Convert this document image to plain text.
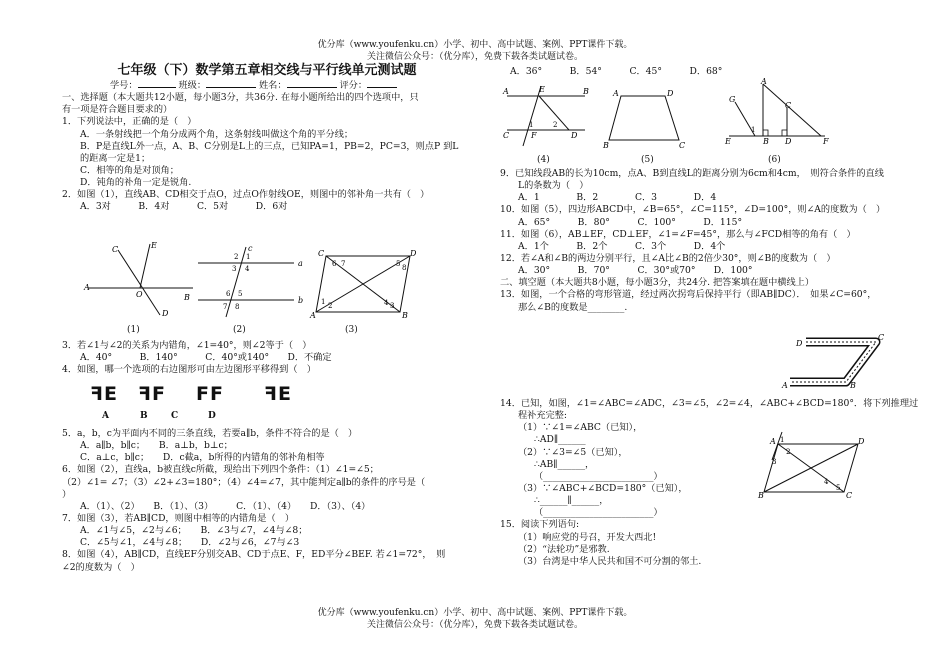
优分库（www.youfenku.cn）小学、初中、高中试题、案例、PPT课件下载。
关注微信公众号：（优分库），免费下载各类试题试卷。
七年级（下）数学第五章相交线与平行线单元测试题
学号：	班级：	姓名：	评分：
一、选择题（本大题共12小题，每小题3分，共36分. 在每小题所给出的四个选项中，只
有一项是符合题目要求的）
1．下列说法中，正确的是（　）
A．一条射线把一个角分成两个角，这条射线叫做这个角的平分线；
B．P是直线L外一点，A、B、C分别是L上的三点，已知PA=1，PB=2，PC=3，则点P 到L
的距离一定是1；
C．相等的角是对顶角；
D．钝角的补角一定是锐角.
2．如图（1），直线AB、CD相交于点O，过点O作射线OE，则图中的邻补角一共有（　）
A．3对　　　B．4对　　　C．5对　　　D．6对
A
B
C	E
O
D
a
b
c
2 1
3 4
6 5
7 8
C	D
A	B
6 7	5 8
1 2	4 3
(1)	(2)	(3)
3．若∠1与∠2的关系为内错角，∠1=40°，则∠2等于（　）
A．40°　　　B．140°　　　C．40°或140°　　D．不确定
4．如图，哪一个选项的右边图形可由左边图形平移得到（　）
ꟻE ꟻF FF ꟻE
A	B	C	D
5．a，b，c为平面内不同的三条直线，若要a∥b，条件不符合的是（　）
A．a∥b，b∥c；　　B．a⊥b，b⊥c；
C．a⊥c，b∥c；　　D．c截a，b所得的内错角的邻补角相等
6．如图（2），直线a，b被直线c所截，现给出下列四个条件：（1）∠1=∠5；
（2）∠1= ∠7；（3）∠2+∠3=180°；（4）∠4=∠7，其中能判定a∥b的条件的序号是（
）
A．（1）、（2）　　B．（1）、（3）　　　C．（1）、（4）　　D．（3）、（4）
7．如图（3），若AB∥CD，则图中相等的内错角是（　）
A．∠1与∠5，∠2与∠6；　　B．∠3与∠7，∠4与∠8；
C．∠5与∠1，∠4与∠8；　　D．∠2与∠6，∠7与∠3
8．如图（4），AB∥CD，直线EF分别交AB、CD于点E、F，ED平分∠BEF. 若∠1=72°，　则
∠2的度数为（　）
A．36°　　　B．54°　　　C．45°　　　D．68°
A	E	B
C	F	D
1	2
A	D
B	C
A
C
G
E	B D	F
1
(4)	(5)	(6)
9．已知线段AB的长为10cm，点A、B到直线L的距离分别为6cm和4cm，　则符合条件的直线
L的条数为（　）
A．1　　　　B．2　　　　C．3　　　　D．4
10．如图（5），四边形ABCD中，∠B=65°，∠C=115°，∠D=100°，则∠A的度数为（　）
A．65°　　　B．80°　　　C．100°　　　D．115°
11．如图（6），AB⊥EF，CD⊥EF，∠1=∠F=45°，那么与∠FCD相等的角有（　）
A．1个　　　B．2个　　　C．3个　　　D．4个
12．若∠A和∠B的两边分别平行，且∠A比∠B的2倍少30°，则∠B的度数为（　）
A．30°　　　B．70°　　　C．30°或70°　　D．100°
二、填空题（本大题共8小题，每小题3分，共24分. 把答案填在题中横线上）
13．如图，一个合格的弯形管道，经过两次拐弯后保持平行（即AB∥DC）．　如果∠C=60°，
那么∠B的度数是________.
D
C
B
A
14．已知，如图，∠1=∠ABC=∠ADC，∠3=∠5，∠2=∠4，∠ABC+∠BCD=180°．将下列推理过
程补充完整:
（1）∵∠1=∠ABC（已知），
∴AD∥______
（2）∵∠3=∠5（已知），
∴AB∥______，
（________________________）
（3）∵∠ABC+∠BCD=180°（已知），
∴______∥______，
（________________________）
15．阅读下列语句:
（1）响应党的号召，开发大西北!
（2）“法轮功”是邪教.
（3）台湾是中华人民共和国不可分割的邻土.
A	D
B	C
2
3
1
4
5
优分库（www.youfenku.cn）小学、初中、高中试题、案例、PPT课件下载。
关注微信公众号：（优分库），免费下载各类试题试卷。
